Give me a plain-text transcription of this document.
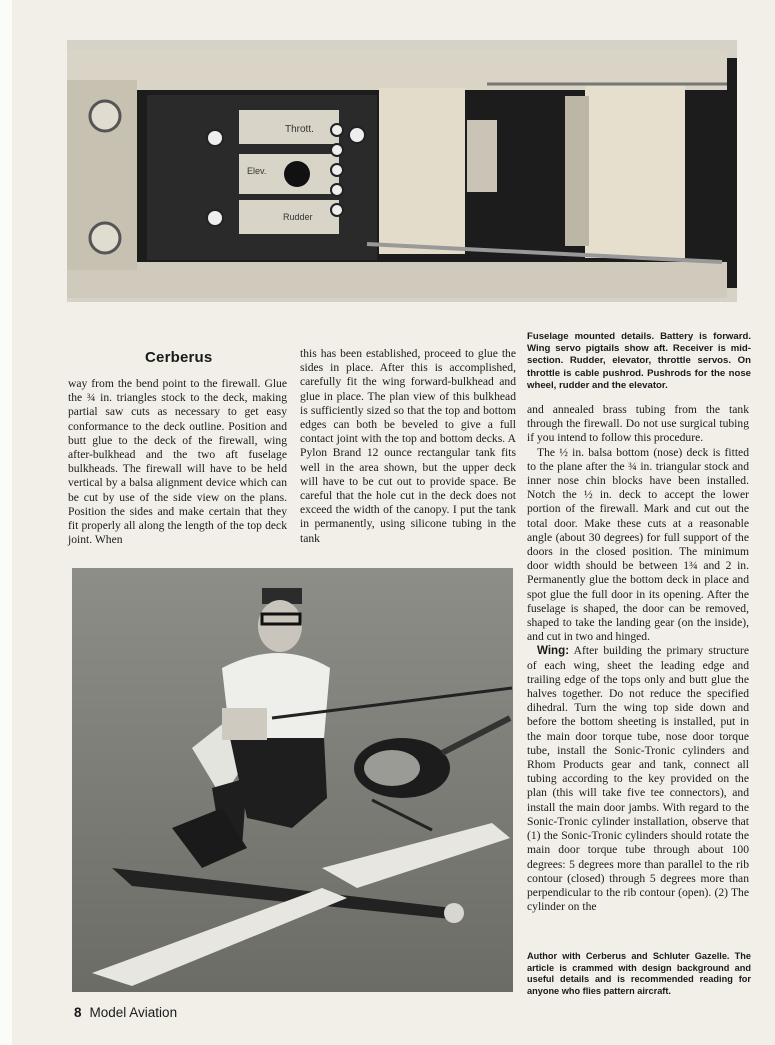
Thrott.
Elev.
Rudder
Fuselage mounted details. Battery is forward. Wing servo pigtails show aft. Receiver is mid-section. Rudder, elevator, throttle servos. On throttle is cable pushrod. Pushrods for the nose wheel, rudder and the elevator.
Cerberus

way from the bend point to the firewall. Glue the ¾ in. triangles stock to the deck, making partial saw cuts as necessary to get easy conformance to the deck outline. Position and butt glue to the deck of the firewall, wing after-bulkhead and the two aft fuselage bulkheads. The firewall will have to be held vertical by a balsa alignment device which can be cut by use of the side view on the plans. Position the sides and make certain that they fit properly all along the length of the top deck joint. When

this has been established, proceed to glue the sides in place. After this is accomplished, carefully fit the wing forward-bulkhead and glue in place. The plan view of this bulkhead is sufficiently sized so that the top and bottom edges can both be beveled to give a full contact joint with the top and bottom decks. A Pylon Brand 12 ounce rectangular tank fits well in the area shown, but the upper deck will have to be cut out to provide space. Be careful that the hole cut in the deck does not exceed the width of the canopy. I put the tank in permanently, using silicone tubing in the tank

and annealed brass tubing from the tank through the firewall. Do not use surgical tubing if you intend to follow this procedure.

The ½ in. balsa bottom (nose) deck is fitted to the plane after the ¾ in. triangular stock and inner nose chin blocks have been installed. Notch the ½ in. deck to accept the lower portion of the firewall. Mark and cut out the total door. Make these cuts at a reasonable angle (about 30 degrees) for full support of the doors in the closed position. The minimum door width should be between 1¾ and 2 in. Permanently glue the bottom deck in place and spot glue the full door in its opening. After the fuselage is shaped, the door can be removed, shaped to take the landing gear (on the inside), and cut in two and hinged.

Wing: After building the primary structure of each wing, sheet the leading edge and trailing edge of the tops only and butt glue the halves together. Do not reduce the specified dihedral. Turn the wing top side down and before the bottom sheeting is installed, put in the main door torque tube, nose door torque tube, install the Sonic-Tronic cylinders and Rhom Products gear and tank, connect all tubing according to the key provided on the plan (this will take five tee connectors), and install the main door jambs. With regard to the Sonic-Tronic cylinder installation, observe that (1) the Sonic-Tronic cylinders should rotate the main door torque tube through about 100 degrees: 5 degrees more than parallel to the rib contour (closed) through 5 degrees more than perpendicular to the rib contour (open). (2) The cylinder on the

Author with Cerberus and Schluter Gazelle. The article is crammed with design background and useful details and is recommended reading for anyone who flies pattern aircraft.
8 Model Aviation
